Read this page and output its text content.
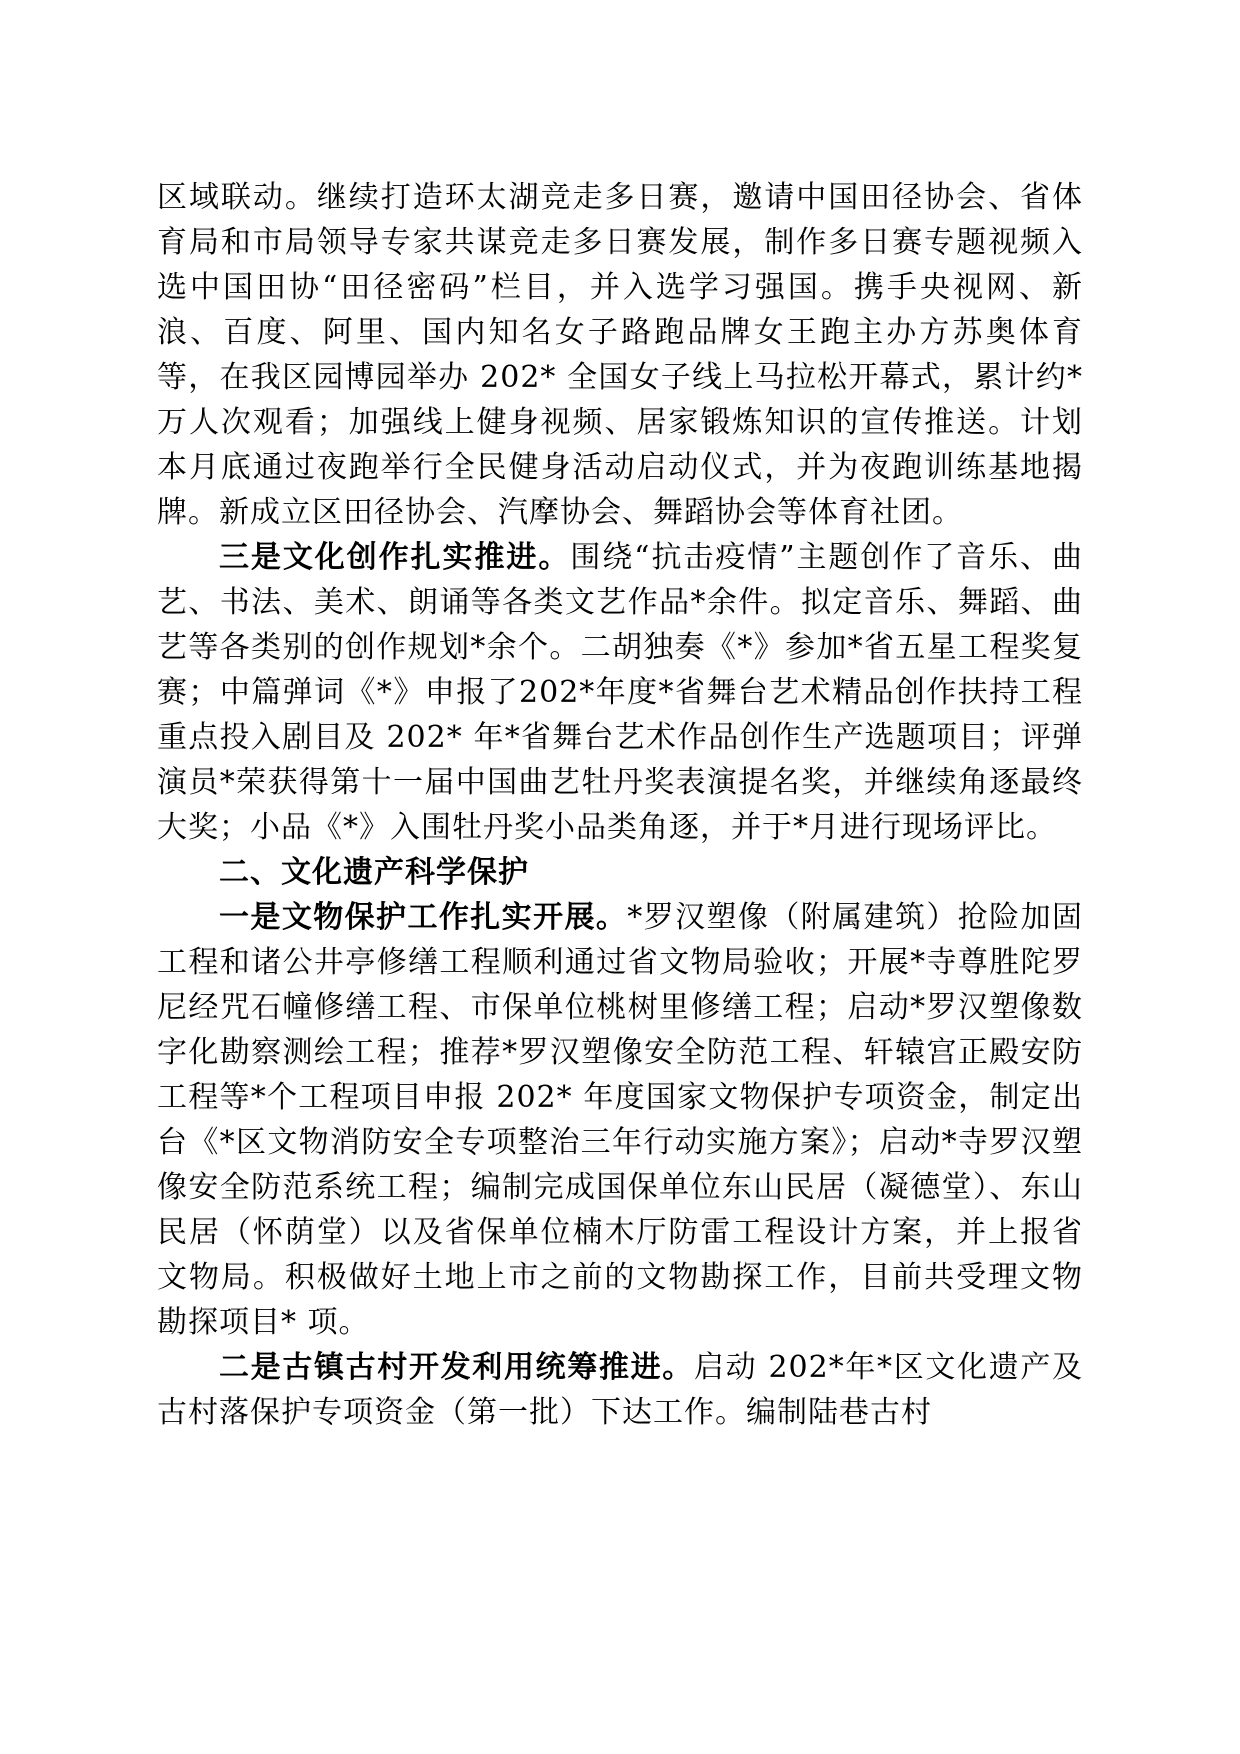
区域联动。继续打造环太湖竞走多日赛，邀请中国田径协会、省体育局和市局领导专家共谋竞走多日赛发展，制作多日赛专题视频入选中国田协“田径密码”栏目，并入选学习强国。携手央视网、新浪、百度、阿里、国内知名女子路跑品牌女王跑主办方苏奥体育等，在我区园博园举办 202* 全国女子线上马拉松开幕式，累计约*万人次观看；加强线上健身视频、居家锻炼知识的宣传推送。计划本月底通过夜跑举行全民健身活动启动仪式，并为夜跑训练基地揭牌。新成立区田径协会、汽摩协会、舞蹈协会等体育社团。

三是文化创作扎实推进。围绕“抗击疫情”主题创作了音乐、曲艺、书法、美术、朗诵等各类文艺作品*余件。拟定音乐、舞蹈、曲艺等各类别的创作规划*余个。二胡独奏《*》参加*省五星工程奖复赛；中篇弹词《*》申报了202*年度*省舞台艺术精品创作扶持工程重点投入剧目及 202* 年*省舞台艺术作品创作生产选题项目；评弹演员*荣获得第十一届中国曲艺牡丹奖表演提名奖，并继续角逐最终大奖；小品《*》入围牡丹奖小品类角逐，并于*月进行现场评比。

二、文化遗产科学保护

一是文物保护工作扎实开展。*罗汉塑像（附属建筑）抢险加固工程和诸公井亭修缮工程顺利通过省文物局验收；开展*寺尊胜陀罗尼经咒石幢修缮工程、市保单位桃树里修缮工程；启动*罗汉塑像数字化勘察测绘工程；推荐*罗汉塑像安全防范工程、轩辕宫正殿安防工程等*个工程项目申报 202* 年度国家文物保护专项资金，制定出台《*区文物消防安全专项整治三年行动实施方案》；启动*寺罗汉塑像安全防范系统工程；编制完成国保单位东山民居（凝德堂）、东山民居（怀荫堂）以及省保单位楠木厅防雷工程设计方案，并上报省文物局。积极做好土地上市之前的文物勘探工作，目前共受理文物勘探项目* 项。

二是古镇古村开发利用统筹推进。启动 202*年*区文化遗产及古村落保护专项资金（第一批）下达工作。编制陆巷古村
